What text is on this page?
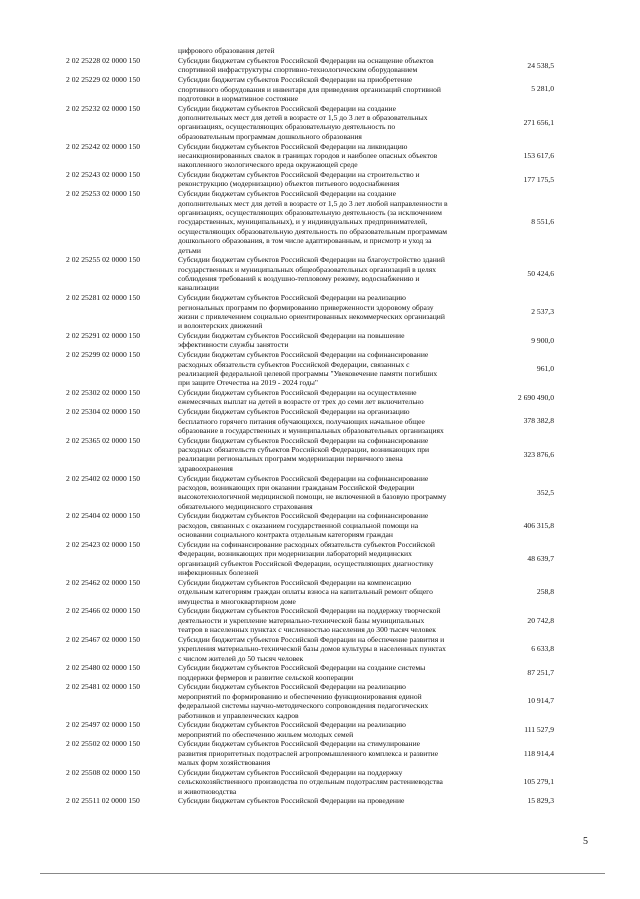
цифрового образования детей
2 02 25228 02 0000 150	Субсидии бюджетам субъектов Российской Федерации на оснащение объектов
спортивной инфраструктуры спортивно-технологическим оборудованием
24 538,5
2 02 25229 02 0000 150	Субсидии бюджетам субъектов Российской Федерации на приобретение
спортивного оборудования и инвентаря для приведения организаций спортивной
подготовки в нормативное состояние
5 281,0
2 02 25232 02 0000 150	Субсидии бюджетам субъектов Российской Федерации на создание
дополнительных мест для детей в возрасте от 1,5 до 3 лет в образовательных
организациях, осуществляющих образовательную деятельность по
образовательным программам дошкольного образования
271 656,1
2 02 25242 02 0000 150	Субсидии бюджетам субъектов Российской Федерации на ликвидацию
несанкционированных свалок в границах городов и наиболее опасных объектов
накопленного экологического вреда окружающей среде
153 617,6
2 02 25243 02 0000 150	Субсидии бюджетам субъектов Российской Федерации на строительство и
реконструкцию (модернизацию) объектов питьевого водоснабжения
177 175,5
2 02 25253 02 0000 150	Субсидии бюджетам субъектов Российской Федерации на создание
дополнительных мест для детей в возрасте от 1,5 до 3 лет любой направленности в
организациях, осуществляющих образовательную деятельность (за исключением
государственных, муниципальных), и у индивидуальных предпринимателей,
осуществляющих образовательную деятельность по образовательным программам
дошкольного образования, в том числе адаптированным, и присмотр и уход за
детьми
8 551,6
2 02 25255 02 0000 150	Субсидии бюджетам субъектов Российской Федерации на благоустройство зданий
государственных и муниципальных общеобразовательных организаций в целях
соблюдения требований к воздушно-тепловому режиму, водоснабжению и
канализации
50 424,6
2 02 25281 02 0000 150	Субсидии бюджетам субъектов Российской Федерации на реализацию
региональных программ по формированию приверженности здоровому образу
жизни с привлечением социально ориентированных некоммерческих организаций
и волонтерских движений
2 537,3
2 02 25291 02 0000 150	Субсидии бюджетам субъектов Российской Федерации на повышение
эффективности службы занятости
9 900,0
2 02 25299 02 0000 150	Субсидии бюджетам субъектов Российской Федерации на софинансирование
расходных обязательств субъектов Российской Федерации, связанных с
реализацией федеральной целевой программы "Увековечение памяти погибших
при защите Отечества на 2019 - 2024 годы"
961,0
2 02 25302 02 0000 150	Субсидии бюджетам субъектов Российской Федерации на осуществление
ежемесячных выплат на детей в возрасте от трех до семи лет включительно
2 690 490,0
2 02 25304 02 0000 150	Субсидии бюджетам субъектов Российской Федерации на организацию
бесплатного горячего питания обучающихся, получающих начальное общее
образование в государственных и муниципальных образовательных организациях
378 382,8
2 02 25365 02 0000 150	Субсидии бюджетам субъектов Российской Федерации на софинансирование
расходных обязательств субъектов Российской Федерации, возникающих при
реализации региональных программ модернизации первичного звена
здравоохранения
323 876,6
2 02 25402 02 0000 150	Субсидии бюджетам субъектов Российской Федерации на софинансирование
расходов, возникающих при оказании гражданам Российской Федерации
высокотехнологичной медицинской помощи, не включенной в базовую программу
обязательного медицинского страхования
352,5
2 02 25404 02 0000 150	Субсидии бюджетам субъектов Российской Федерации на софинансирование
расходов, связанных с оказанием государственной социальной помощи на
основании социального контракта отдельным категориям граждан
406 315,8
2 02 25423 02 0000 150	Субсидии на софинансирование расходных обязательств субъектов Российской
Федерации, возникающих при модернизации лабораторий медицинских
организаций субъектов Российской Федерации, осуществляющих диагностику
инфекционных болезней
48 639,7
2 02 25462 02 0000 150	Субсидии бюджетам субъектов Российской Федерации на компенсацию
отдельным категориям граждан оплаты взноса на капитальный ремонт общего
имущества в многоквартирном доме
258,8
2 02 25466 02 0000 150	Субсидии бюджетам субъектов Российской Федерации на поддержку творческой
деятельности и укрепление материально-технической базы муниципальных
театров в населенных пунктах с численностью населения до 300 тысяч человек
20 742,8
2 02 25467 02 0000 150	Субсидии бюджетам субъектов Российской Федерации на обеспечение развития и
укрепления материально-технической базы домов культуры в населенных пунктах
с числом жителей до 50 тысяч человек
6 633,8
2 02 25480 02 0000 150	Субсидии бюджетам субъектов Российской Федерации на создание системы
поддержки фермеров и развитие сельской кооперации
87 251,7
2 02 25481 02 0000 150	Субсидии бюджетам субъектов Российской Федерации на реализацию
мероприятий по формированию и обеспечению функционирования единой
федеральной системы научно-методического сопровождения педагогических
работников и управленческих кадров
10 914,7
2 02 25497 02 0000 150	Субсидии бюджетам субъектов Российской Федерации на реализацию
мероприятий по обеспечению жильем молодых семей
111 527,9
2 02 25502 02 0000 150	Субсидии бюджетам субъектов Российской Федерации на стимулирование
развития приоритетных подотраслей агропромышленного комплекса и развитие
малых форм хозяйствования
118 914,4
2 02 25508 02 0000 150	Субсидии бюджетам субъектов Российской Федерации на поддержку
сельскохозяйственного производства по отдельным подотраслям растениеводства
и животноводства
105 279,1
2 02 25511 02 0000 150	Субсидии бюджетам субъектов Российской Федерации на проведение	15 829,3
5
